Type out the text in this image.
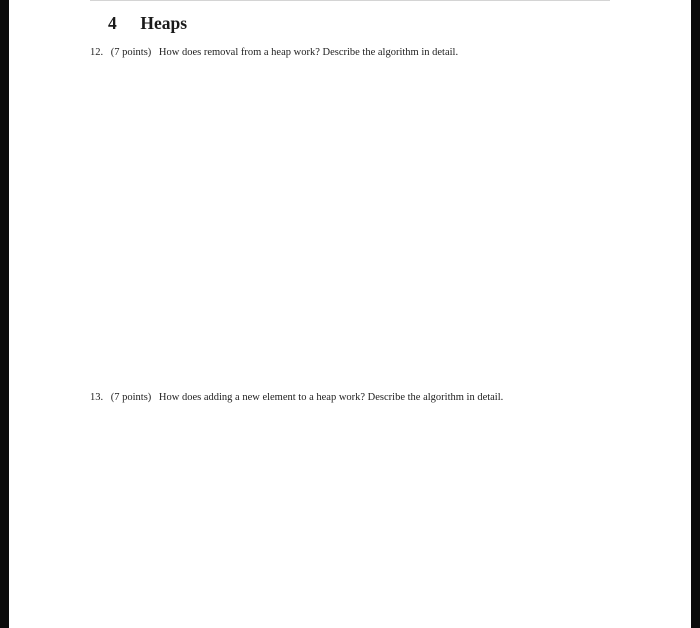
4 Heaps
12. (7 points) How does removal from a heap work? Describe the algorithm in detail.
13. (7 points) How does adding a new element to a heap work? Describe the algorithm in detail.
